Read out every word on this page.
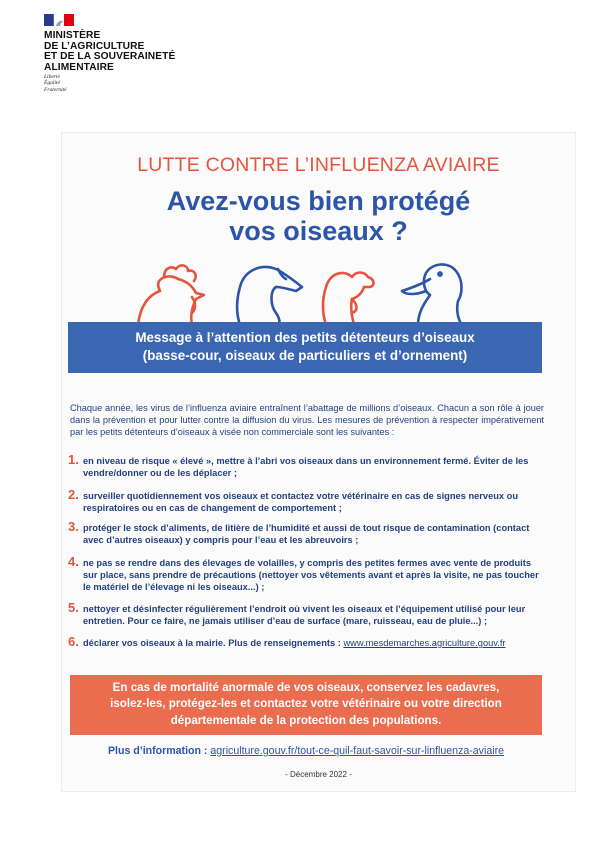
MINISTÈRE
DE L’AGRICULTURE
ET DE LA SOUVERAINETÉ
ALIMENTAIRE
Liberté
Égalité
Fraternité
LUTTE CONTRE L’INFLUENZA AVIAIRE
Avez-vous bien protégé
vos oiseaux ?
Message à l’attention des petits détenteurs d’oiseaux
(basse-cour, oiseaux de particuliers et d’ornement)

Chaque année, les virus de l’influenza aviaire entraînent l’abattage de millions d’oiseaux. Chacun a son rôle à jouer dans la prévention et pour lutter contre la diffusion du virus. Les mesures de prévention à respecter impérativement par les petits détenteurs d’oiseaux à visée non commerciale sont les suivantes :

1. en niveau de risque « élevé », mettre à l’abri vos oiseaux dans un environnement fermé. Éviter de les vendre/donner ou de les déplacer ;

2. surveiller quotidiennement vos oiseaux et contactez votre vétérinaire en cas de signes nerveux ou respiratoires ou en cas de changement de comportement ;

3. protéger le stock d’aliments, de litière de l’humidité et aussi de tout risque de contamination (contact avec d’autres oiseaux) y compris pour l’eau et les abreuvoirs ;

4. ne pas se rendre dans des élevages de volailles, y compris des petites fermes avec vente de produits sur place, sans prendre de précautions (nettoyer vos vêtements avant et après la visite, ne pas toucher le matériel de l’élevage ni les oiseaux...) ;

5. nettoyer et désinfecter régulièrement l’endroit où vivent les oiseaux et l’équipement utilisé pour leur entretien. Pour ce faire, ne jamais utiliser d’eau de surface (mare, ruisseau, eau de pluie...) ;

6. déclarer vos oiseaux à la mairie. Plus de renseignements : www.mesdemarches.agriculture.gouv.fr

En cas de mortalité anormale de vos oiseaux, conservez les cadavres,
isolez-les, protégez-les et contactez votre vétérinaire ou votre direction
départementale de la protection des populations.
Plus d’information : agriculture.gouv.fr/tout-ce-quil-faut-savoir-sur-linfluenza-aviaire
- Décembre 2022 -
